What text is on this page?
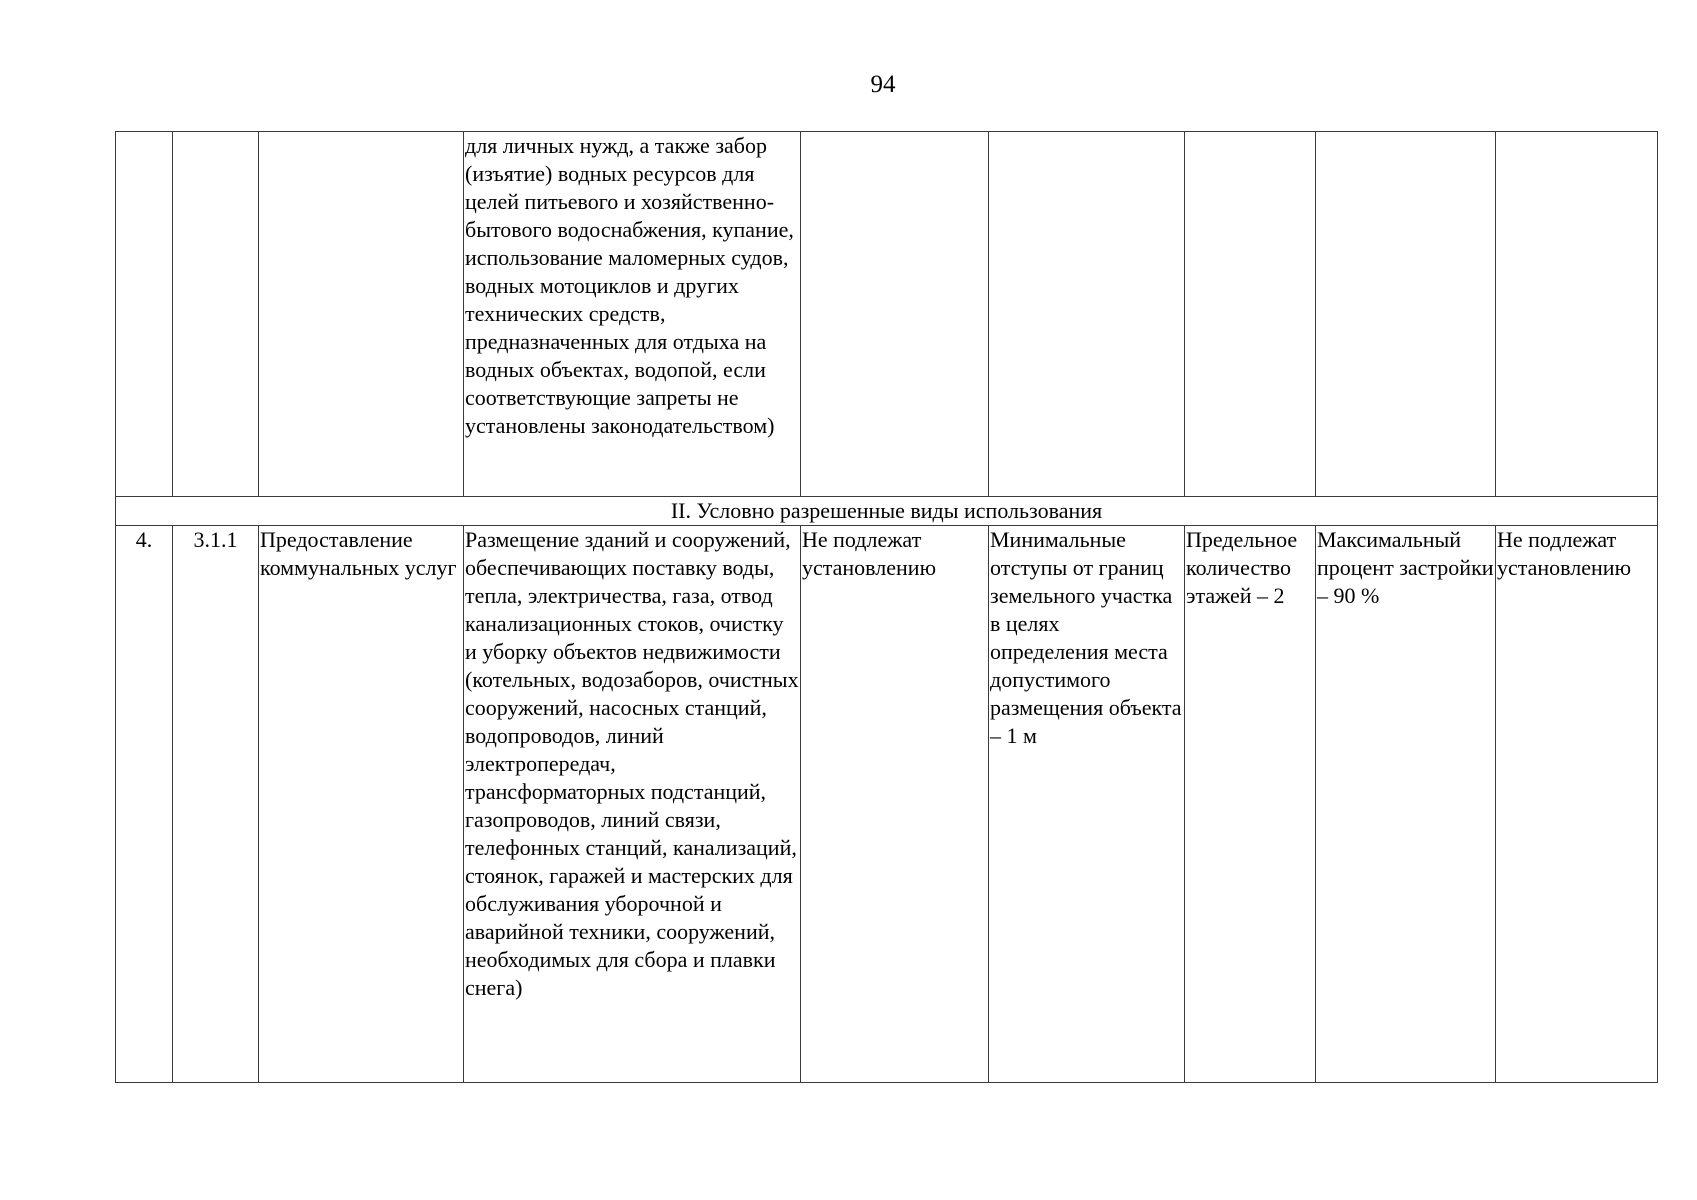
94
			для личных нужд, а также забор (изъятие) водных ресурсов для целей питьевого и хозяйственно-бытового водоснабжения, купание, использование маломерных судов, водных мотоциклов и других технических средств, предназначенных для отдыха на водных объектах, водопой, если соответствующие запреты не установлены законодательством)					
II. Условно разрешенные виды использования								
4.	3.1.1	Предоставление коммунальных услуг	Размещение зданий и сооружений, обеспечивающих поставку воды, тепла, электричества, газа, отвод канализационных стоков, очистку и уборку объектов недвижимости (котельных, водозаборов, очистных сооружений, насосных станций, водопроводов, линий электропередач, трансформаторных подстанций, газопроводов, линий связи, телефонных станций, канализаций, стоянок, гаражей и мастерских для обслуживания уборочной и аварийной техники, сооружений, необходимых для сбора и плавки снега)	Не подлежат установлению	Минимальные отступы от границ земельного участка в целях определения места допустимого размещения объекта – 1 м	Предельное количество этажей – 2	Максимальный процент застройки – 90 %	Не подлежат установлению
